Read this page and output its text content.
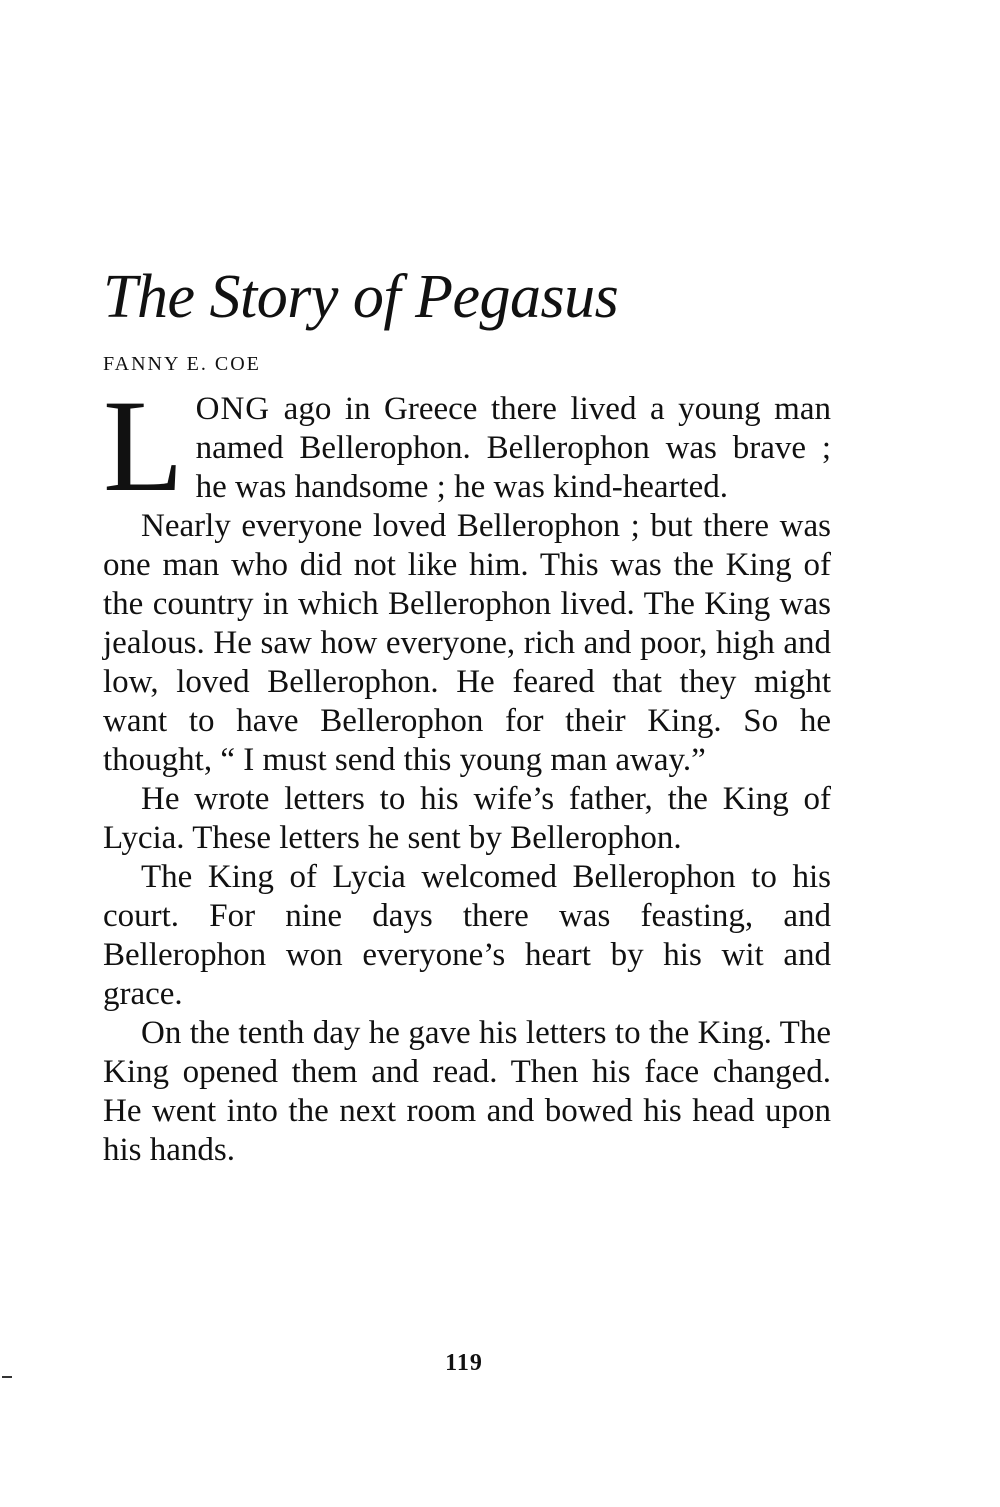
The Story of Pegasus
FANNY E. COE

LONG ago in Greece there lived a young man named Bellerophon. Bellerophon was brave ; he was handsome ; he was kind-hearted.

Nearly everyone loved Bellerophon ; but there was one man who did not like him. This was the King of the country in which Bellerophon lived. The King was jealous. He saw how everyone, rich and poor, high and low, loved Bellerophon. He feared that they might want to have Bellerophon for their King. So he thought, “ I must send this young man away.”

He wrote letters to his wife’s father, the King of Lycia. These letters he sent by Bellerophon.

The King of Lycia welcomed Bellerophon to his court. For nine days there was feasting, and Bellerophon won everyone’s heart by his wit and grace.

On the tenth day he gave his letters to the King. The King opened them and read. Then his face changed. He went into the next room and bowed his head upon his hands.

119
